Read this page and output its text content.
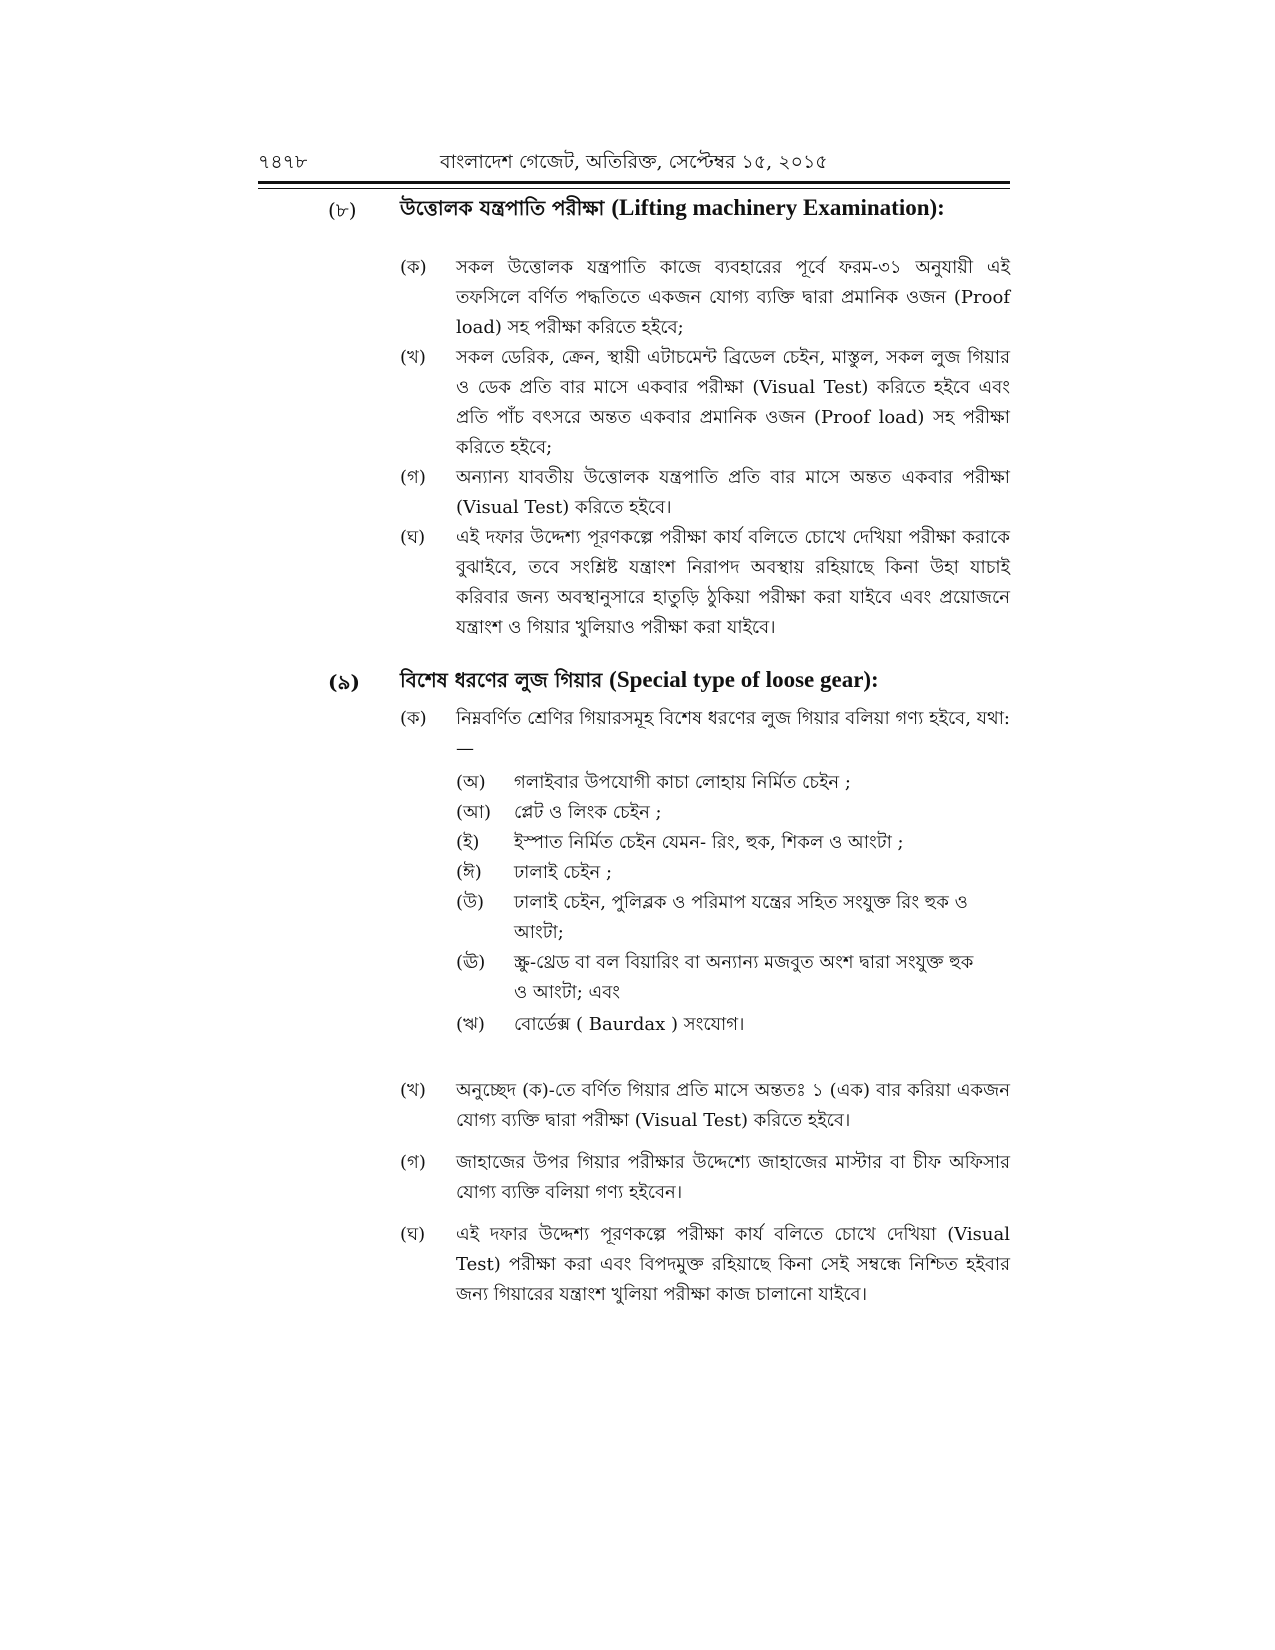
৭৪৭৮	বাংলাদেশ গেজেট, অতিরিক্ত, সেপ্টেম্বর ১৫, ২০১৫
(৮) উত্তোলক যন্ত্রপাতি পরীক্ষা (Lifting machinery Examination):
(ক) সকল উত্তোলক যন্ত্রপাতি কাজে ব্যবহারের পূর্বে ফরম-৩১ অনুযায়ী এই তফসিলে বর্ণিত পদ্ধতিতে একজন যোগ্য ব্যক্তি দ্বারা প্রমানিক ওজন (Proof load) সহ পরীক্ষা করিতে হইবে;
(খ) সকল ডেরিক, ক্রেন, স্থায়ী এটাচমেন্ট ব্রিডেল চেইন, মাস্তুল, সকল লুজ গিয়ার ও ডেক প্রতি বার মাসে একবার পরীক্ষা (Visual Test) করিতে হইবে এবং প্রতি পাঁচ বৎসরে অন্তত একবার প্রমানিক ওজন (Proof load) সহ পরীক্ষা করিতে হইবে;
(গ) অন্যান্য যাবতীয় উত্তোলক যন্ত্রপাতি প্রতি বার মাসে অন্তত একবার পরীক্ষা (Visual Test) করিতে হইবে।
(ঘ) এই দফার উদ্দেশ্য পূরণকল্পে পরীক্ষা কার্য বলিতে চোখে দেখিয়া পরীক্ষা করাকে বুঝাইবে, তবে সংশ্লিষ্ট যন্ত্রাংশ নিরাপদ অবস্থায় রহিয়াছে কিনা উহা যাচাই করিবার জন্য অবস্থানুসারে হাতুড়ি ঠুকিয়া পরীক্ষা করা যাইবে এবং প্রয়োজনে যন্ত্রাংশ ও গিয়ার খুলিয়াও পরীক্ষা করা যাইবে।
(৯) বিশেষ ধরণের লুজ গিয়ার (Special type of loose gear):
(ক) নিম্নবর্ণিত শ্রেণির গিয়ারসমূহ বিশেষ ধরণের লুজ গিয়ার বলিয়া গণ্য হইবে, যথা:—
(অ) গলাইবার উপযোগী কাচা লোহায় নির্মিত চেইন ;
(আ) প্লেট ও লিংক চেইন ;
(ই) ইস্পাত নির্মিত চেইন যেমন- রিং, হুক, শিকল ও আংটা ;
(ঈ) ঢালাই চেইন ;
(উ) ঢালাই চেইন, পুলিব্লক ও পরিমাপ যন্ত্রের সহিত সংযুক্ত রিং হুক ও আংটা;
(ঊ) স্ক্রু-থ্রেড বা বল বিয়ারিং বা অন্যান্য মজবুত অংশ দ্বারা সংযুক্ত হুক ও আংটা; এবং
(ঋ) বোর্ডেক্স ( Baurdax ) সংযোগ।
(খ) অনুচ্ছেদ (ক)-তে বর্ণিত গিয়ার প্রতি মাসে অন্ততঃ ১ (এক) বার করিয়া একজন যোগ্য ব্যক্তি দ্বারা পরীক্ষা (Visual Test) করিতে হইবে।
(গ) জাহাজের উপর গিয়ার পরীক্ষার উদ্দেশ্যে জাহাজের মাস্টার বা চীফ অফিসার যোগ্য ব্যক্তি বলিয়া গণ্য হইবেন।
(ঘ) এই দফার উদ্দেশ্য পূরণকল্পে পরীক্ষা কার্য বলিতে চোখে দেখিয়া (Visual Test) পরীক্ষা করা এবং বিপদমুক্ত রহিয়াছে কিনা সেই সম্বন্ধে নিশ্চিত হইবার জন্য গিয়ারের যন্ত্রাংশ খুলিয়া পরীক্ষা কাজ চালানো যাইবে।
